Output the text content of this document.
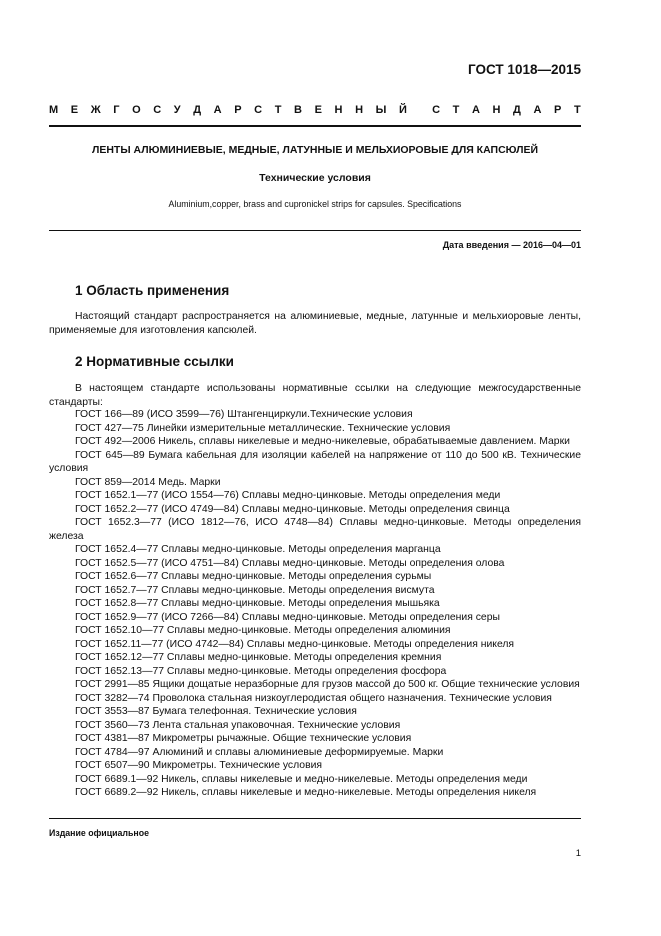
ГОСТ 1018—2015
М Е Ж Г О С У Д А Р С Т В Е Н Н Ы Й С Т А Н Д А Р Т
ЛЕНТЫ АЛЮМИНИЕВЫЕ, МЕДНЫЕ, ЛАТУННЫЕ И МЕЛЬХИОРОВЫЕ ДЛЯ КАПСЮЛЕЙ
Технические условия
Aluminium,copper, brass and cupronickel strips for capsules. Specifications
Дата введения — 2016—04—01
1 Область применения
Настоящий стандарт распространяется на алюминиевые, медные, латунные и мельхиоровые ленты, применяемые для изготовления капсюлей.
2 Нормативные ссылки
В настоящем стандарте использованы нормативные ссылки на следующие межгосударственные стандарты:
ГОСТ 166—89 (ИСО 3599—76) Штангенциркули.Технические условия
ГОСТ 427—75 Линейки измерительные металлические. Технические условия
ГОСТ 492—2006 Никель, сплавы никелевые и медно-никелевые, обрабатываемые давлением. Марки
ГОСТ 645—89 Бумага кабельная для изоляции кабелей на напряжение от 110 до 500 кВ. Технические условия
ГОСТ 859—2014 Медь. Марки
ГОСТ 1652.1—77 (ИСО 1554—76) Сплавы медно-цинковые. Методы определения меди
ГОСТ 1652.2—77 (ИСО 4749—84) Сплавы медно-цинковые. Методы определения свинца
ГОСТ 1652.3—77 (ИСО 1812—76, ИСО 4748—84) Сплавы медно-цинковые. Методы определения железа
ГОСТ 1652.4—77 Сплавы медно-цинковые. Методы определения марганца
ГОСТ 1652.5—77 (ИСО 4751—84) Сплавы медно-цинковые. Методы определения олова
ГОСТ 1652.6—77 Сплавы медно-цинковые. Методы определения сурьмы
ГОСТ 1652.7—77 Сплавы медно-цинковые. Методы определения висмута
ГОСТ 1652.8—77 Сплавы медно-цинковые. Методы определения мышьяка
ГОСТ 1652.9—77 (ИСО 7266—84) Сплавы медно-цинковые. Методы определения серы
ГОСТ 1652.10—77 Сплавы медно-цинковые. Методы определения алюминия
ГОСТ 1652.11—77 (ИСО 4742—84) Сплавы медно-цинковые. Методы определения никеля
ГОСТ 1652.12—77 Сплавы медно-цинковые. Методы определения кремния
ГОСТ 1652.13—77 Сплавы медно-цинковые. Методы определения фосфора
ГОСТ 2991—85 Ящики дощатые неразборные для грузов массой до 500 кг. Общие технические условия
ГОСТ 3282—74 Проволока стальная низкоуглеродистая общего назначения. Технические условия
ГОСТ 3553—87 Бумага телефонная. Технические условия
ГОСТ 3560—73 Лента стальная упаковочная. Технические условия
ГОСТ 4381—87 Микрометры рычажные. Общие технические условия
ГОСТ 4784—97 Алюминий и сплавы алюминиевые деформируемые. Марки
ГОСТ 6507—90 Микрометры. Технические условия
ГОСТ 6689.1—92 Никель, сплавы никелевые и медно-никелевые. Методы определения меди
ГОСТ 6689.2—92 Никель, сплавы никелевые и медно-никелевые. Методы определения никеля
Издание официальное
1
